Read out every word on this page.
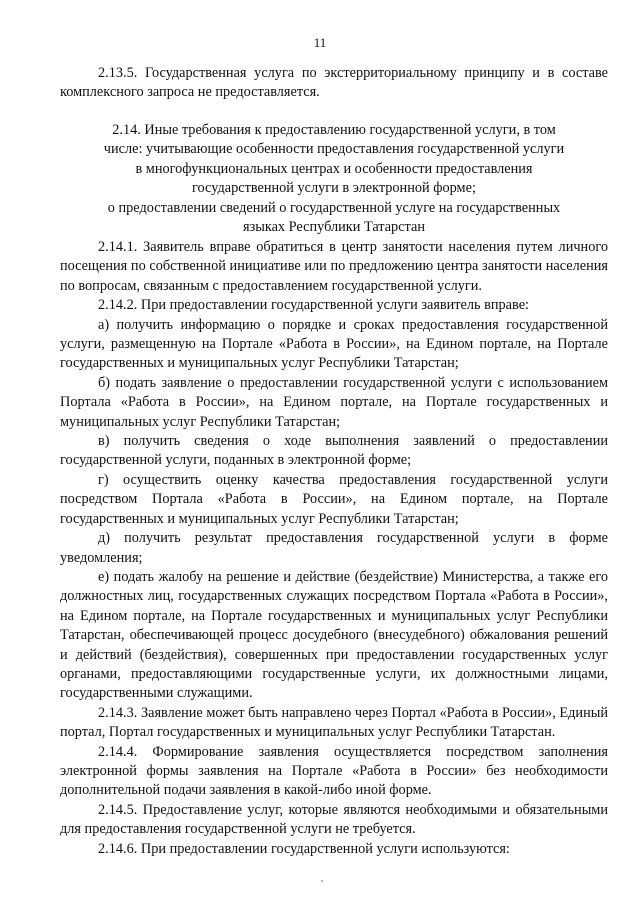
11

2.13.5. Государственная услуга по экстерриториальному принципу и в составе комплексного запроса не предоставляется.

2.14. Иные требования к предоставлению государственной услуги, в том
числе: учитывающие особенности предоставления государственной услуги
в многофункциональных центрах и особенности предоставления
государственной услуги в электронной форме;
о предоставлении сведений о государственной услуге на государственных
языках Республики Татарстан

2.14.1. Заявитель вправе обратиться в центр занятости населения путем личного посещения по собственной инициативе или по предложению центра занятости населения по вопросам, связанным с предоставлением государственной услуги.

2.14.2. При предоставлении государственной услуги заявитель вправе:

а) получить информацию о порядке и сроках предоставления государственной услуги, размещенную на Портале «Работа в России», на Едином портале, на Портале государственных и муниципальных услуг Республики Татарстан;

б) подать заявление о предоставлении государственной услуги с использованием Портала «Работа в России», на Едином портале, на Портале государственных и муниципальных услуг Республики Татарстан;

в) получить сведения о ходе выполнения заявлений о предоставлении государственной услуги, поданных в электронной форме;

г) осуществить оценку качества предоставления государственной услуги посредством Портала «Работа в России», на Едином портале, на Портале государственных и муниципальных услуг Республики Татарстан;

д) получить результат предоставления государственной услуги в форме уведомления;

е) подать жалобу на решение и действие (бездействие) Министерства, а также его должностных лиц, государственных служащих посредством Портала «Работа в России», на Едином портале, на Портале государственных и муниципальных услуг Республики Татарстан, обеспечивающей процесс досудебного (внесудебного) обжалования решений и действий (бездействия), совершенных при предоставлении государственных услуг органами, предоставляющими государственные услуги, их должностными лицами, государственными служащими.

2.14.3. Заявление может быть направлено через Портал «Работа в России», Единый портал, Портал государственных и муниципальных услуг Республики Татарстан.

2.14.4. Формирование заявления осуществляется посредством заполнения электронной формы заявления на Портале «Работа в России» без необходимости дополнительной подачи заявления в какой-либо иной форме.

2.14.5. Предоставление услуг, которые являются необходимыми и обязательными для предоставления государственной услуги не требуется.

2.14.6. При предоставлении государственной услуги используются:
